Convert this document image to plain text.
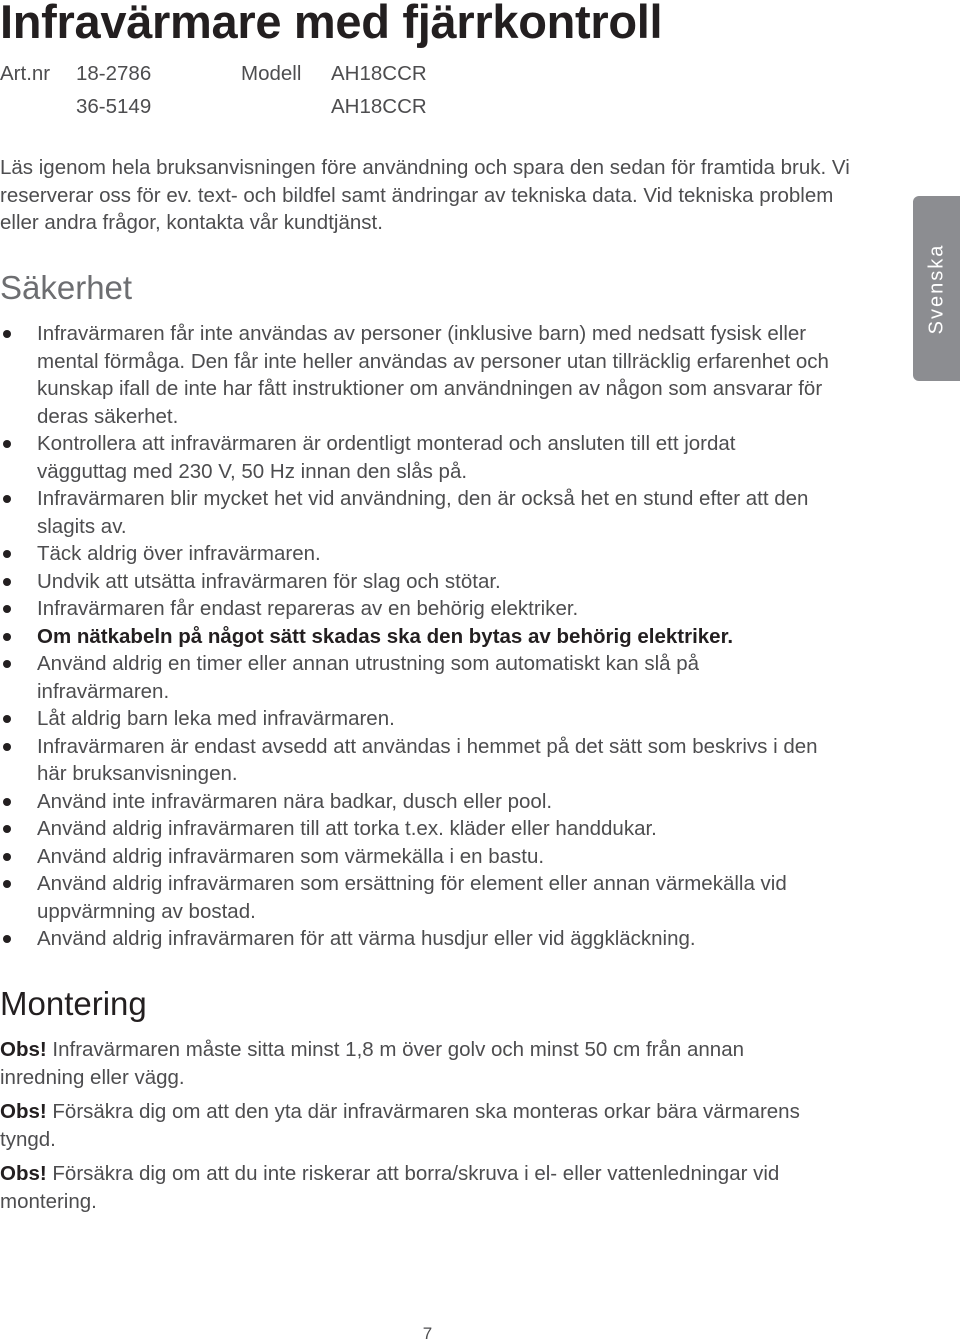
Infravärmare med fjärrkontroll
Art.nr 18-2786	Modell AH18CCR
36-5149	AH18CCR

Läs igenom hela bruksanvisningen före användning och spara den sedan för framtida bruk. Vi reserverar oss för ev. text- och bildfel samt ändringar av tekniska data. Vid tekniska problem eller andra frågor, kontakta vår kundtjänst.

Säkerhet
Infravärmaren får inte användas av personer (inklusive barn) med nedsatt fysisk eller mental förmåga. Den får inte heller användas av personer utan tillräcklig erfarenhet och kunskap ifall de inte har fått instruktioner om användningen av någon som ansvarar för deras säkerhet.
Kontrollera att infravärmaren är ordentligt monterad och ansluten till ett jordat vägguttag med 230 V, 50 Hz innan den slås på.
Infravärmaren blir mycket het vid användning, den är också het en stund efter att den slagits av.
Täck aldrig över infravärmaren.
Undvik att utsätta infravärmaren för slag och stötar.
Infravärmaren får endast repareras av en behörig elektriker.
Om nätkabeln på något sätt skadas ska den bytas av behörig elektriker.
Använd aldrig en timer eller annan utrustning som automatiskt kan slå på infravärmaren.
Låt aldrig barn leka med infravärmaren.
Infravärmaren är endast avsedd att användas i hemmet på det sätt som beskrivs i den här bruksanvisningen.
Använd inte infravärmaren nära badkar, dusch eller pool.
Använd aldrig infravärmaren till att torka t.ex. kläder eller handdukar.
Använd aldrig infravärmaren som värmekälla i en bastu.
Använd aldrig infravärmaren som ersättning för element eller annan värmekälla vid uppvärmning av bostad.
Använd aldrig infravärmaren för att värma husdjur eller vid äggkläckning.
Montering

Obs! Infravärmaren måste sitta minst 1,8 m över golv och minst 50 cm från annan inredning eller vägg.

Obs! Försäkra dig om att den yta där infravärmaren ska monteras orkar bära värmarens tyngd.

Obs! Försäkra dig om att du inte riskerar att borra/skruva i el- eller vattenledningar vid montering.

Svenska
7
